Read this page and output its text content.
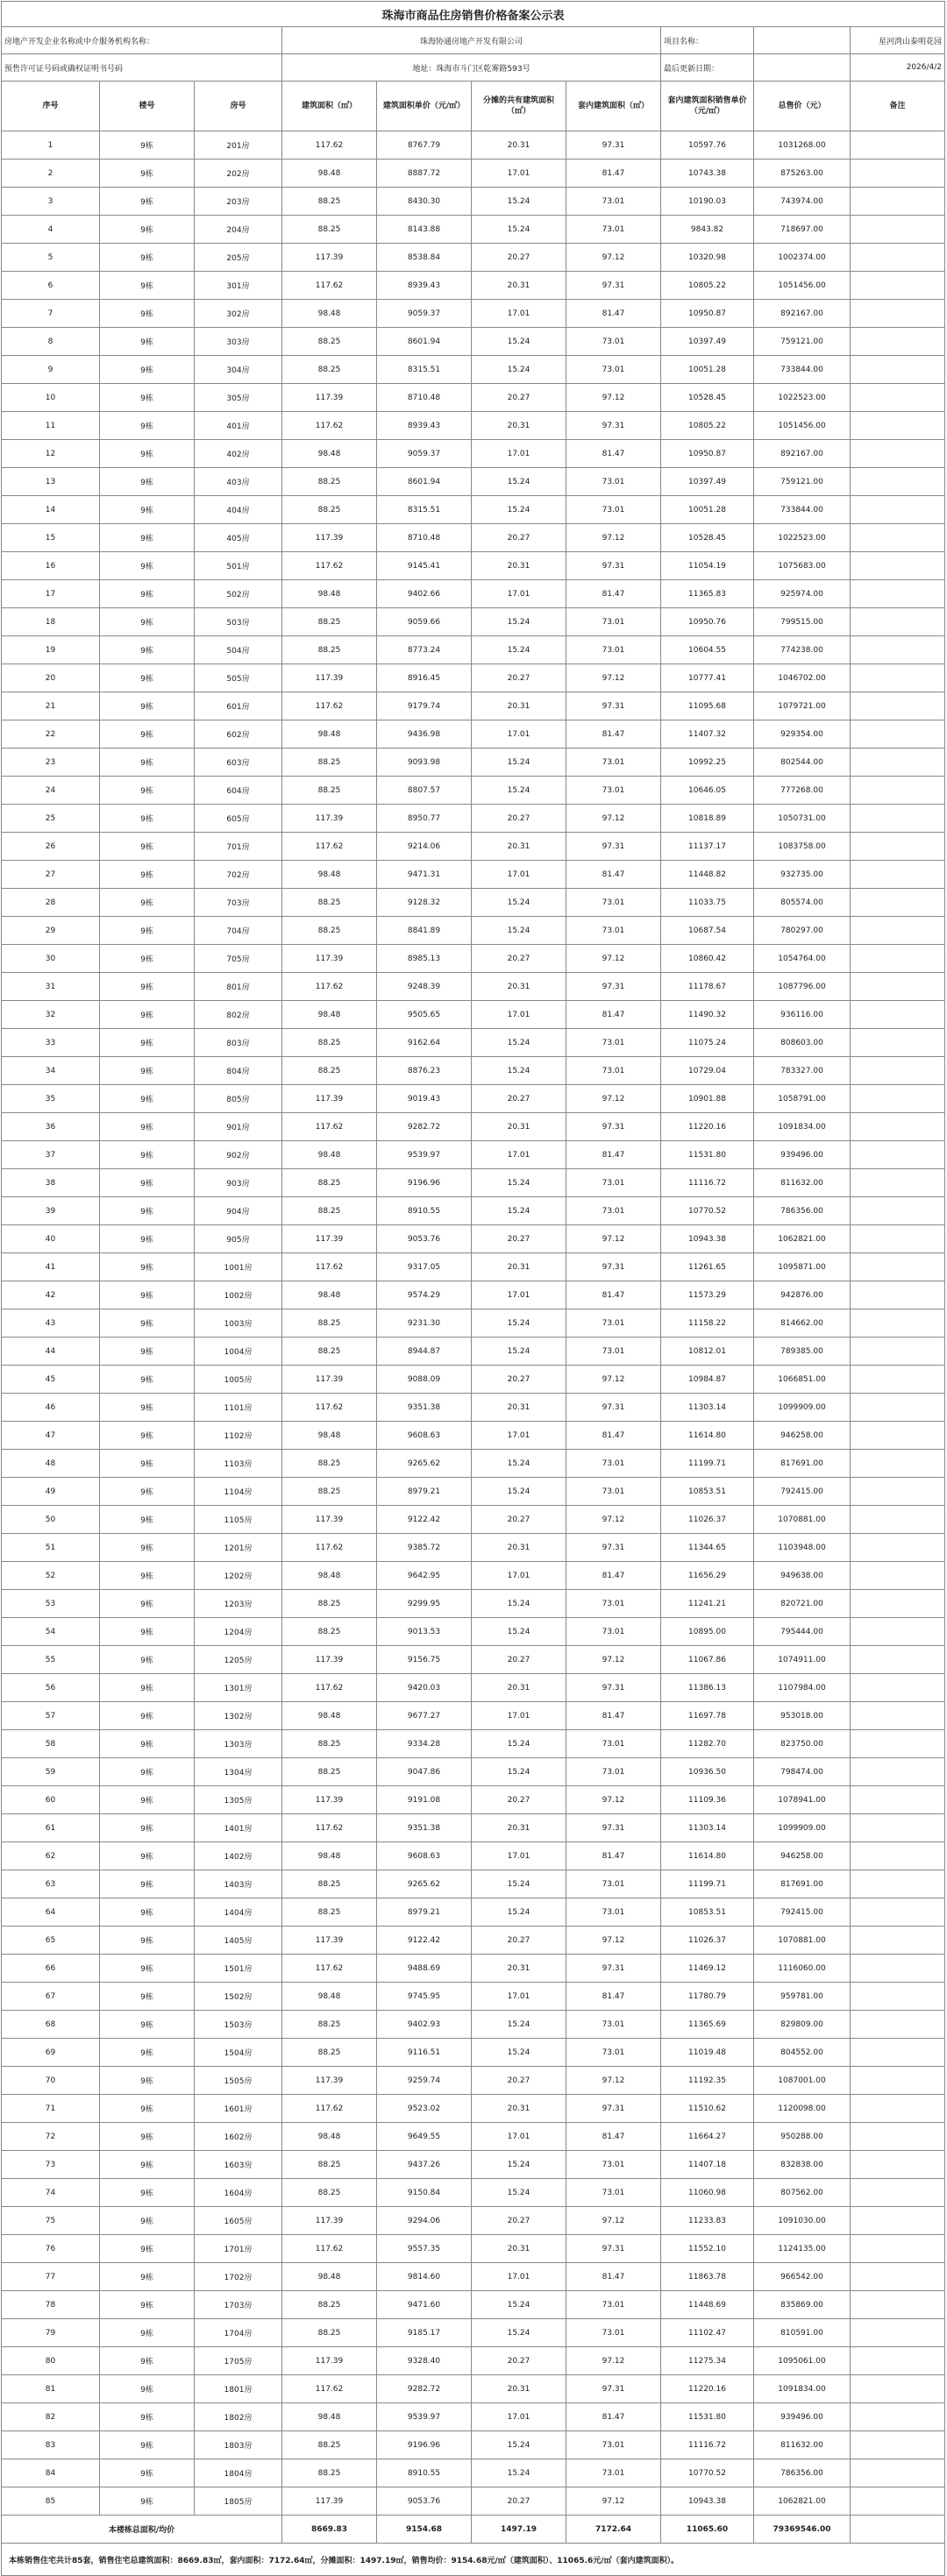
珠海市商品住房销售价格备案公示表									
房地产开发企业名称或中介服务机构名称：			珠海协通房地产开发有限公司				项目名称：		星河湾山泰明花园
预售许可证号码或确权证明书号码			地址：珠海市斗门区乾雾路593号				最后更新日期：		2026/4/2
序号	楼号	房号	建筑面积（㎡）	建筑面积单价（元/㎡）	分摊的共有建筑面积（㎡）	套内建筑面积（㎡）	套内建筑面积销售单价（元/㎡）	总售价（元）	备注
1	9栋	201房	117.62	8767.79	20.31	97.31	10597.76	1031268.00	
2	9栋	202房	98.48	8887.72	17.01	81.47	10743.38	875263.00	
3	9栋	203房	88.25	8430.30	15.24	73.01	10190.03	743974.00	
4	9栋	204房	88.25	8143.88	15.24	73.01	9843.82	718697.00	
5	9栋	205房	117.39	8538.84	20.27	97.12	10320.98	1002374.00	
6	9栋	301房	117.62	8939.43	20.31	97.31	10805.22	1051456.00	
7	9栋	302房	98.48	9059.37	17.01	81.47	10950.87	892167.00	
8	9栋	303房	88.25	8601.94	15.24	73.01	10397.49	759121.00	
9	9栋	304房	88.25	8315.51	15.24	73.01	10051.28	733844.00	
10	9栋	305房	117.39	8710.48	20.27	97.12	10528.45	1022523.00	
11	9栋	401房	117.62	8939.43	20.31	97.31	10805.22	1051456.00	
12	9栋	402房	98.48	9059.37	17.01	81.47	10950.87	892167.00	
13	9栋	403房	88.25	8601.94	15.24	73.01	10397.49	759121.00	
14	9栋	404房	88.25	8315.51	15.24	73.01	10051.28	733844.00	
15	9栋	405房	117.39	8710.48	20.27	97.12	10528.45	1022523.00	
16	9栋	501房	117.62	9145.41	20.31	97.31	11054.19	1075683.00	
17	9栋	502房	98.48	9402.66	17.01	81.47	11365.83	925974.00	
18	9栋	503房	88.25	9059.66	15.24	73.01	10950.76	799515.00	
19	9栋	504房	88.25	8773.24	15.24	73.01	10604.55	774238.00	
20	9栋	505房	117.39	8916.45	20.27	97.12	10777.41	1046702.00	
21	9栋	601房	117.62	9179.74	20.31	97.31	11095.68	1079721.00	
22	9栋	602房	98.48	9436.98	17.01	81.47	11407.32	929354.00	
23	9栋	603房	88.25	9093.98	15.24	73.01	10992.25	802544.00	
24	9栋	604房	88.25	8807.57	15.24	73.01	10646.05	777268.00	
25	9栋	605房	117.39	8950.77	20.27	97.12	10818.89	1050731.00	
26	9栋	701房	117.62	9214.06	20.31	97.31	11137.17	1083758.00	
27	9栋	702房	98.48	9471.31	17.01	81.47	11448.82	932735.00	
28	9栋	703房	88.25	9128.32	15.24	73.01	11033.75	805574.00	
29	9栋	704房	88.25	8841.89	15.24	73.01	10687.54	780297.00	
30	9栋	705房	117.39	8985.13	20.27	97.12	10860.42	1054764.00	
31	9栋	801房	117.62	9248.39	20.31	97.31	11178.67	1087796.00	
32	9栋	802房	98.48	9505.65	17.01	81.47	11490.32	936116.00	
33	9栋	803房	88.25	9162.64	15.24	73.01	11075.24	808603.00	
34	9栋	804房	88.25	8876.23	15.24	73.01	10729.04	783327.00	
35	9栋	805房	117.39	9019.43	20.27	97.12	10901.88	1058791.00	
36	9栋	901房	117.62	9282.72	20.31	97.31	11220.16	1091834.00	
37	9栋	902房	98.48	9539.97	17.01	81.47	11531.80	939496.00	
38	9栋	903房	88.25	9196.96	15.24	73.01	11116.72	811632.00	
39	9栋	904房	88.25	8910.55	15.24	73.01	10770.52	786356.00	
40	9栋	905房	117.39	9053.76	20.27	97.12	10943.38	1062821.00	
41	9栋	1001房	117.62	9317.05	20.31	97.31	11261.65	1095871.00	
42	9栋	1002房	98.48	9574.29	17.01	81.47	11573.29	942876.00	
43	9栋	1003房	88.25	9231.30	15.24	73.01	11158.22	814662.00	
44	9栋	1004房	88.25	8944.87	15.24	73.01	10812.01	789385.00	
45	9栋	1005房	117.39	9088.09	20.27	97.12	10984.87	1066851.00	
46	9栋	1101房	117.62	9351.38	20.31	97.31	11303.14	1099909.00	
47	9栋	1102房	98.48	9608.63	17.01	81.47	11614.80	946258.00	
48	9栋	1103房	88.25	9265.62	15.24	73.01	11199.71	817691.00	
49	9栋	1104房	88.25	8979.21	15.24	73.01	10853.51	792415.00	
50	9栋	1105房	117.39	9122.42	20.27	97.12	11026.37	1070881.00	
51	9栋	1201房	117.62	9385.72	20.31	97.31	11344.65	1103948.00	
52	9栋	1202房	98.48	9642.95	17.01	81.47	11656.29	949638.00	
53	9栋	1203房	88.25	9299.95	15.24	73.01	11241.21	820721.00	
54	9栋	1204房	88.25	9013.53	15.24	73.01	10895.00	795444.00	
55	9栋	1205房	117.39	9156.75	20.27	97.12	11067.86	1074911.00	
56	9栋	1301房	117.62	9420.03	20.31	97.31	11386.13	1107984.00	
57	9栋	1302房	98.48	9677.27	17.01	81.47	11697.78	953018.00	
58	9栋	1303房	88.25	9334.28	15.24	73.01	11282.70	823750.00	
59	9栋	1304房	88.25	9047.86	15.24	73.01	10936.50	798474.00	
60	9栋	1305房	117.39	9191.08	20.27	97.12	11109.36	1078941.00	
61	9栋	1401房	117.62	9351.38	20.31	97.31	11303.14	1099909.00	
62	9栋	1402房	98.48	9608.63	17.01	81.47	11614.80	946258.00	
63	9栋	1403房	88.25	9265.62	15.24	73.01	11199.71	817691.00	
64	9栋	1404房	88.25	8979.21	15.24	73.01	10853.51	792415.00	
65	9栋	1405房	117.39	9122.42	20.27	97.12	11026.37	1070881.00	
66	9栋	1501房	117.62	9488.69	20.31	97.31	11469.12	1116060.00	
67	9栋	1502房	98.48	9745.95	17.01	81.47	11780.79	959781.00	
68	9栋	1503房	88.25	9402.93	15.24	73.01	11365.69	829809.00	
69	9栋	1504房	88.25	9116.51	15.24	73.01	11019.48	804552.00	
70	9栋	1505房	117.39	9259.74	20.27	97.12	11192.35	1087001.00	
71	9栋	1601房	117.62	9523.02	20.31	97.31	11510.62	1120098.00	
72	9栋	1602房	98.48	9649.55	17.01	81.47	11664.27	950288.00	
73	9栋	1603房	88.25	9437.26	15.24	73.01	11407.18	832838.00	
74	9栋	1604房	88.25	9150.84	15.24	73.01	11060.98	807562.00	
75	9栋	1605房	117.39	9294.06	20.27	97.12	11233.83	1091030.00	
76	9栋	1701房	117.62	9557.35	20.31	97.31	11552.10	1124135.00	
77	9栋	1702房	98.48	9814.60	17.01	81.47	11863.78	966542.00	
78	9栋	1703房	88.25	9471.60	15.24	73.01	11448.69	835869.00	
79	9栋	1704房	88.25	9185.17	15.24	73.01	11102.47	810591.00	
80	9栋	1705房	117.39	9328.40	20.27	97.12	11275.34	1095061.00	
81	9栋	1801房	117.62	9282.72	20.31	97.31	11220.16	1091834.00	
82	9栋	1802房	98.48	9539.97	17.01	81.47	11531.80	939496.00	
83	9栋	1803房	88.25	9196.96	15.24	73.01	11116.72	811632.00	
84	9栋	1804房	88.25	8910.55	15.24	73.01	10770.52	786356.00	
85	9栋	1805房	117.39	9053.76	20.27	97.12	10943.38	1062821.00	
本楼栋总面积/均价			8669.83	9154.68	1497.19	7172.64	11065.60	79369546.00	
本栋销售住宅共计85套，销售住宅总建筑面积：8669.83㎡，套内面积：7172.64㎡，分摊面积：1497.19㎡，销售均价：9154.68元/㎡（建筑面积）、11065.6元/㎡（套内建筑面积）。									
